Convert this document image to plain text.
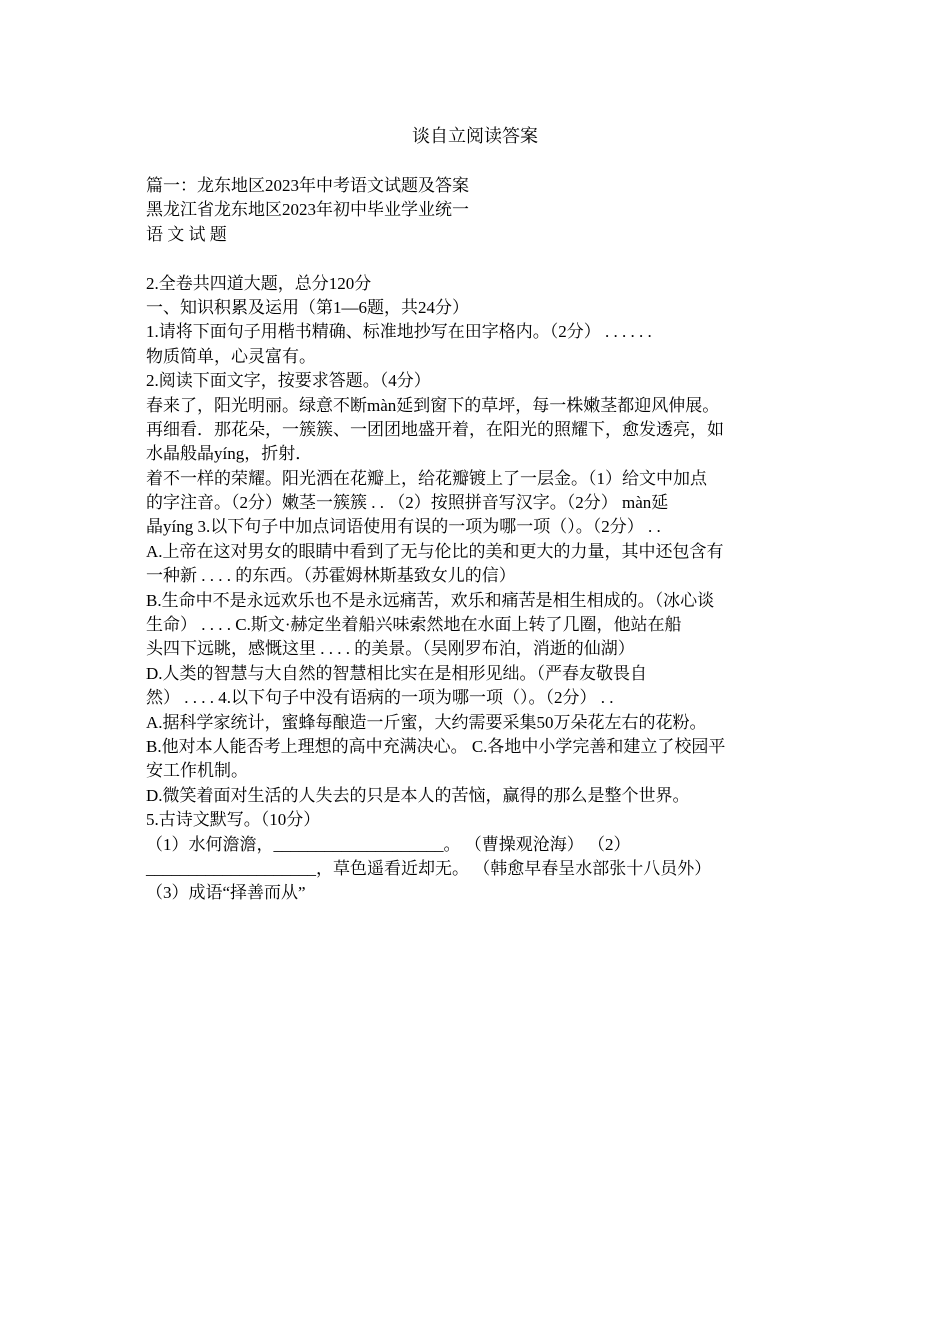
谈自立阅读答案
篇一：龙东地区2023年中考语文试题及答案
黑龙江省龙东地区2023年初中毕业学业统一
语 文 试 题
2.全卷共四道大题，总分120分
一、知识积累及运用（第1—6题，共24分）
1.请将下面句子用楷书精确、标准地抄写在田字格内。（2分） . . . . . .
物质简单，心灵富有。
2.阅读下面文字，按要求答题。（4分）
春来了，阳光明丽。绿意不断màn延到窗下的草坪，每一株嫩茎都迎风伸展。
再细看．那花朵，一簇簇、一团团地盛开着，在阳光的照耀下，愈发透亮，如
水晶般晶yíng，折射．
着不一样的荣耀。阳光洒在花瓣上，给花瓣镀上了一层金。（1）给文中加点
的字注音。（2分）嫩茎一簇簇 . . （2）按照拼音写汉字。（2分） màn延
晶yíng 3.以下句子中加点词语使用有误的一项为哪一项（）。（2分） . .
A.上帝在这对男女的眼睛中看到了无与伦比的美和更大的力量，其中还包含有
一种新 . . . . 的东西。（苏霍姆林斯基致女儿的信）
B.生命中不是永远欢乐也不是永远痛苦，欢乐和痛苦是相生相成的。（冰心谈
生命） . . . . C.斯文·赫定坐着船兴味索然地在水面上转了几圈，他站在船
头四下远眺，感慨这里 . . . . 的美景。（吴刚罗布泊，消逝的仙湖）
D.人类的智慧与大自然的智慧相比实在是相形见绌。（严春友敬畏自
然） . . . . 4.以下句子中没有语病的一项为哪一项（）。（2分） . .
A.据科学家统计，蜜蜂每酿造一斤蜜，大约需要采集50万朵花左右的花粉。
B.他对本人能否考上理想的高中充满决心。 C.各地中小学完善和建立了校园平
安工作机制。
D.微笑着面对生活的人失去的只是本人的苦恼，赢得的那么是整个世界。
5.古诗文默写。（10分）
（1）水何澹澹，____________________。 （曹操观沧海） （2）
____________________，草色遥看近却无。 （韩愈早春呈水部张十八员外）
（3）成语“择善而从”
